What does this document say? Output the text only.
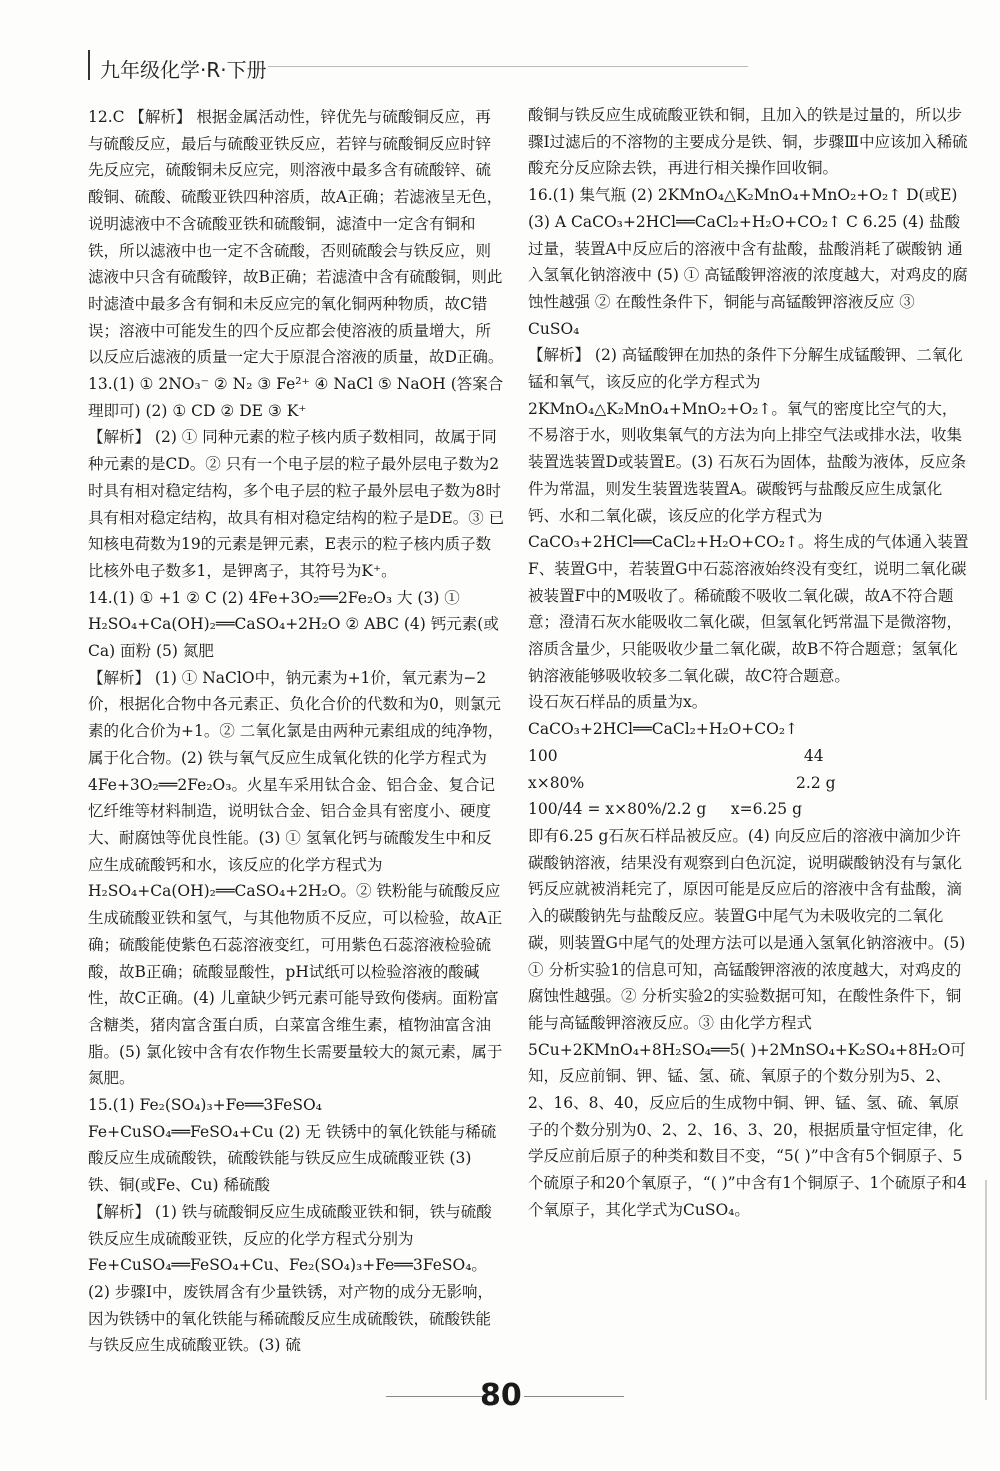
九年级化学·R·下册

12.C 【解析】 根据金属活动性，锌优先与硫酸铜反应，再与硫酸反应，最后与硫酸亚铁反应，若锌与硫酸铜反应时锌先反应完，硫酸铜未反应完，则溶液中最多含有硫酸锌、硫酸铜、硫酸、硫酸亚铁四种溶质，故A正确；若滤液呈无色，说明滤液中不含硫酸亚铁和硫酸铜，滤渣中一定含有铜和铁，所以滤液中也一定不含硫酸，否则硫酸会与铁反应，则滤液中只含有硫酸锌，故B正确；若滤渣中含有硫酸铜，则此时滤渣中最多含有铜和未反应完的氧化铜两种物质，故C错误；溶液中可能发生的四个反应都会使溶液的质量增大，所以反应后滤液的质量一定大于原混合溶液的质量，故D正确。

13.(1) ① 2NO₃⁻ ② N₂ ③ Fe²⁺ ④ NaCl ⑤ NaOH (答案合理即可) (2) ① CD ② DE ③ K⁺

【解析】 (2) ① 同种元素的粒子核内质子数相同，故属于同种元素的是CD。② 只有一个电子层的粒子最外层电子数为2时具有相对稳定结构，多个电子层的粒子最外层电子数为8时具有相对稳定结构，故具有相对稳定结构的粒子是DE。③ 已知核电荷数为19的元素是钾元素，E表示的粒子核内质子数比核外电子数多1，是钾离子，其符号为K⁺。

14.(1) ① +1 ② C (2) 4Fe+3O₂══2Fe₂O₃ 大 (3) ① H₂SO₄+Ca(OH)₂══CaSO₄+2H₂O ② ABC (4) 钙元素(或Ca) 面粉 (5) 氮肥

【解析】 (1) ① NaClO中，钠元素为+1价，氧元素为−2价，根据化合物中各元素正、负化合价的代数和为0，则氯元素的化合价为+1。② 二氧化氯是由两种元素组成的纯净物，属于化合物。(2) 铁与氧气反应生成氧化铁的化学方程式为4Fe+3O₂══2Fe₂O₃。火星车采用钛合金、铝合金、复合记忆纤维等材料制造，说明钛合金、铝合金具有密度小、硬度大、耐腐蚀等优良性能。(3) ① 氢氧化钙与硫酸发生中和反应生成硫酸钙和水，该反应的化学方程式为H₂SO₄+Ca(OH)₂══CaSO₄+2H₂O。② 铁粉能与硫酸反应生成硫酸亚铁和氢气，与其他物质不反应，可以检验，故A正确；硫酸能使紫色石蕊溶液变红，可用紫色石蕊溶液检验硫酸，故B正确；硫酸显酸性，pH试纸可以检验溶液的酸碱性，故C正确。(4) 儿童缺少钙元素可能导致佝偻病。面粉富含糖类，猪肉富含蛋白质，白菜富含维生素，植物油富含油脂。(5) 氯化铵中含有农作物生长需要量较大的氮元素，属于氮肥。

15.(1) Fe₂(SO₄)₃+Fe══3FeSO₄ Fe+CuSO₄══FeSO₄+Cu (2) 无 铁锈中的氧化铁能与稀硫酸反应生成硫酸铁，硫酸铁能与铁反应生成硫酸亚铁 (3) 铁、铜(或Fe、Cu) 稀硫酸

【解析】 (1) 铁与硫酸铜反应生成硫酸亚铁和铜，铁与硫酸铁反应生成硫酸亚铁，反应的化学方程式分别为Fe+CuSO₄══FeSO₄+Cu、Fe₂(SO₄)₃+Fe══3FeSO₄。(2) 步骤Ⅰ中，废铁屑含有少量铁锈，对产物的成分无影响，因为铁锈中的氧化铁能与稀硫酸反应生成硫酸铁，硫酸铁能与铁反应生成硫酸亚铁。(3) 硫

酸铜与铁反应生成硫酸亚铁和铜，且加入的铁是过量的，所以步骤Ⅰ过滤后的不溶物的主要成分是铁、铜，步骤Ⅲ中应该加入稀硫酸充分反应除去铁，再进行相关操作回收铜。

16.(1) 集气瓶 (2) 2KMnO₄△K₂MnO₄+MnO₂+O₂↑ D(或E) (3) A CaCO₃+2HCl══CaCl₂+H₂O+CO₂↑ C 6.25 (4) 盐酸过量，装置A中反应后的溶液中含有盐酸，盐酸消耗了碳酸钠 通入氢氧化钠溶液中 (5) ① 高锰酸钾溶液的浓度越大，对鸡皮的腐蚀性越强 ② 在酸性条件下，铜能与高锰酸钾溶液反应 ③ CuSO₄

【解析】 (2) 高锰酸钾在加热的条件下分解生成锰酸钾、二氧化锰和氧气，该反应的化学方程式为2KMnO₄△K₂MnO₄+MnO₂+O₂↑。氧气的密度比空气的大，不易溶于水，则收集氧气的方法为向上排空气法或排水法，收集装置选装置D或装置E。(3) 石灰石为固体，盐酸为液体，反应条件为常温，则发生装置选装置A。碳酸钙与盐酸反应生成氯化钙、水和二氧化碳，该反应的化学方程式为CaCO₃+2HCl══CaCl₂+H₂O+CO₂↑。将生成的气体通入装置F、装置G中，若装置G中石蕊溶液始终没有变红，说明二氧化碳被装置F中的M吸收了。稀硫酸不吸收二氧化碳，故A不符合题意；澄清石灰水能吸收二氧化碳，但氢氧化钙常温下是微溶物，溶质含量少，只能吸收少量二氧化碳，故B不符合题意；氢氧化钠溶液能够吸收较多二氧化碳，故C符合题意。

设石灰石样品的质量为x。

CaCO₃+2HCl══CaCl₂+H₂O+CO₂↑

100                                                  44

x×80%                                           2.2 g

100/44 = x×80%/2.2 g     x=6.25 g

即有6.25 g石灰石样品被反应。(4) 向反应后的溶液中滴加少许碳酸钠溶液，结果没有观察到白色沉淀，说明碳酸钠没有与氯化钙反应就被消耗完了，原因可能是反应后的溶液中含有盐酸，滴入的碳酸钠先与盐酸反应。装置G中尾气为未吸收完的二氧化碳，则装置G中尾气的处理方法可以是通入氢氧化钠溶液中。(5) ① 分析实验1的信息可知，高锰酸钾溶液的浓度越大，对鸡皮的腐蚀性越强。② 分析实验2的实验数据可知，在酸性条件下，铜能与高锰酸钾溶液反应。③ 由化学方程式5Cu+2KMnO₄+8H₂SO₄══5( )+2MnSO₄+K₂SO₄+8H₂O可知，反应前铜、钾、锰、氢、硫、氧原子的个数分别为5、2、2、16、8、40，反应后的生成物中铜、钾、锰、氢、硫、氧原子的个数分别为0、2、2、16、3、20，根据质量守恒定律，化学反应前后原子的种类和数目不变，“5( )”中含有5个铜原子、5个硫原子和20个氧原子，“( )”中含有1个铜原子、1个硫原子和4个氧原子，其化学式为CuSO₄。

80
